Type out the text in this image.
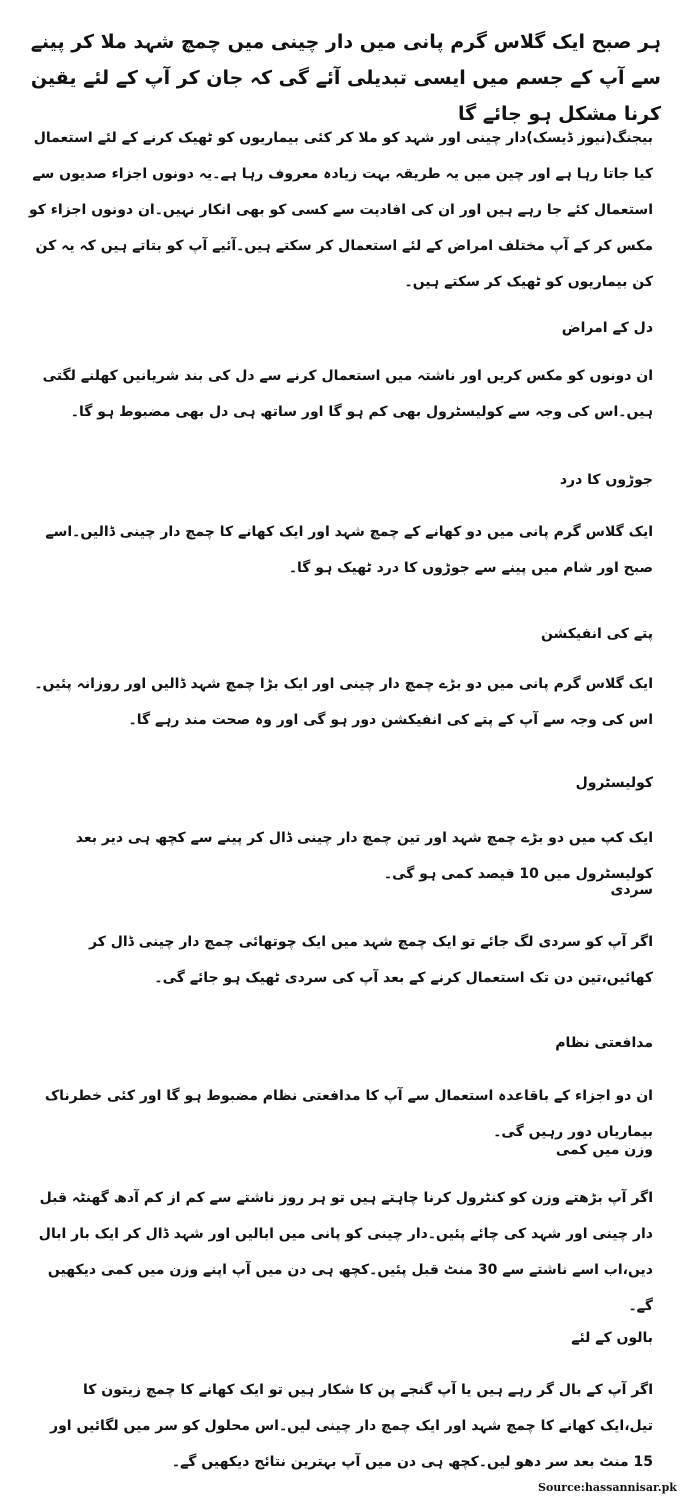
ہر صبح ایک گلاس گرم پانی میں دار چینی میں چمچ شہد ملا کر پینے سے آپ کے جسم میں ایسی تبدیلی آئے گی کہ جان کر آپ کے لئے یقین کرنا مشکل ہو جائے گا

بیجنگ(نیوز ڈیسک)دار چینی اور شہد کو ملا کر کئی بیماریوں کو ٹھیک کرنے کے لئے استعمال کیا جاتا رہا ہے اور چین میں یہ طریقہ بہت زیادہ معروف رہا ہے۔یہ دونوں اجزاء صدیوں سے استعمال کئے جا رہے ہیں اور ان کی افادیت سے کسی کو بھی انکار نہیں۔ان دونوں اجزاء کو مکس کر کے آپ مختلف امراض کے لئے استعمال کر سکتے ہیں۔آئیے آپ کو بتاتے ہیں کہ یہ کن کن بیماریوں کو ٹھیک کر سکتے ہیں۔

دل کے امراض

ان دونوں کو مکس کریں اور ناشتہ میں استعمال کرنے سے دل کی بند شریانیں کھلنے لگتی ہیں۔اس کی وجہ سے کولیسٹرول بھی کم ہو گا اور ساتھ ہی دل بھی مضبوط ہو گا۔

جوڑوں کا درد

ایک گلاس گرم پانی میں دو کھانے کے چمچ شہد اور ایک کھانے کا چمچ دار چینی ڈالیں۔اسے صبح اور شام میں پینے سے جوڑوں کا درد ٹھیک ہو گا۔

پتے کی انفیکشن

ایک گلاس گرم پانی میں دو بڑے چمچ دار چینی اور ایک بڑا چمچ شہد ڈالیں اور روزانہ پئیں۔اس کی وجہ سے آپ کے پتے کی انفیکشن دور ہو گی اور وہ صحت مند رہے گا۔

کولیسٹرول

ایک کپ میں دو بڑے چمچ شہد اور تین چمچ دار چینی ڈال کر پینے سے کچھ ہی دیر بعد کولیسٹرول میں 10 فیصد کمی ہو گی۔

سردی

اگر آپ کو سردی لگ جائے تو ایک چمچ شہد میں ایک چوتھائی چمچ دار چینی ڈال کر کھائیں،تین دن تک استعمال کرنے کے بعد آپ کی سردی ٹھیک ہو جائے گی۔

مدافعتی نظام

ان دو اجزاء کے باقاعدہ استعمال سے آپ کا مدافعتی نظام مضبوط ہو گا اور کئی خطرناک بیماریاں دور رہیں گی۔

وزن میں کمی

اگر آپ بڑھتے وزن کو کنٹرول کرنا چاہتے ہیں تو ہر روز ناشتے سے کم از کم آدھ گھنٹہ قبل دار چینی اور شہد کی چائے پئیں۔دار چینی کو پانی میں ابالیں اور شہد ڈال کر ایک بار ابال دیں،اب اسے ناشتے سے 30 منٹ قبل پئیں۔کچھ ہی دن میں آپ اپنے وزن میں کمی دیکھیں گے۔

بالوں کے لئے

اگر آپ کے بال گر رہے ہیں یا آپ گنجے پن کا شکار ہیں تو ایک کھانے کا چمچ زیتون کا تیل،ایک کھانے کا چمچ شہد اور ایک چمچ دار چینی لیں۔اس محلول کو سر میں لگائیں اور 15 منٹ بعد سر دھو لیں۔کچھ ہی دن میں آپ بہترین نتائج دیکھیں گے۔

Source:hassannisar.pk
